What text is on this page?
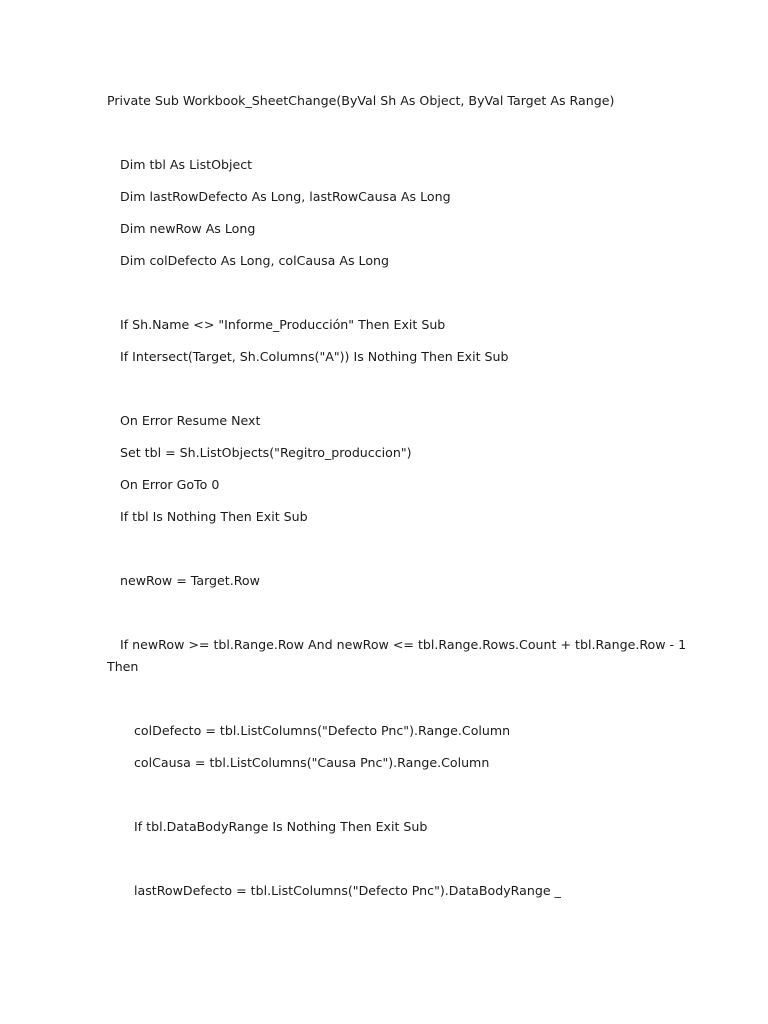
Private Sub Workbook_SheetChange(ByVal Sh As Object, ByVal Target As Range)

Dim tbl As ListObject

Dim lastRowDefecto As Long, lastRowCausa As Long

Dim newRow As Long

Dim colDefecto As Long, colCausa As Long

If Sh.Name <> "Informe_Producción" Then Exit Sub

If Intersect(Target, Sh.Columns("A")) Is Nothing Then Exit Sub

On Error Resume Next

Set tbl = Sh.ListObjects("Regitro_produccion")

On Error GoTo 0

If tbl Is Nothing Then Exit Sub

newRow = Target.Row

If newRow >= tbl.Range.Row And newRow <= tbl.Range.Rows.Count + tbl.Range.Row - 1

Then

colDefecto = tbl.ListColumns("Defecto Pnc").Range.Column

colCausa = tbl.ListColumns("Causa Pnc").Range.Column

If tbl.DataBodyRange Is Nothing Then Exit Sub

lastRowDefecto = tbl.ListColumns("Defecto Pnc").DataBodyRange _
